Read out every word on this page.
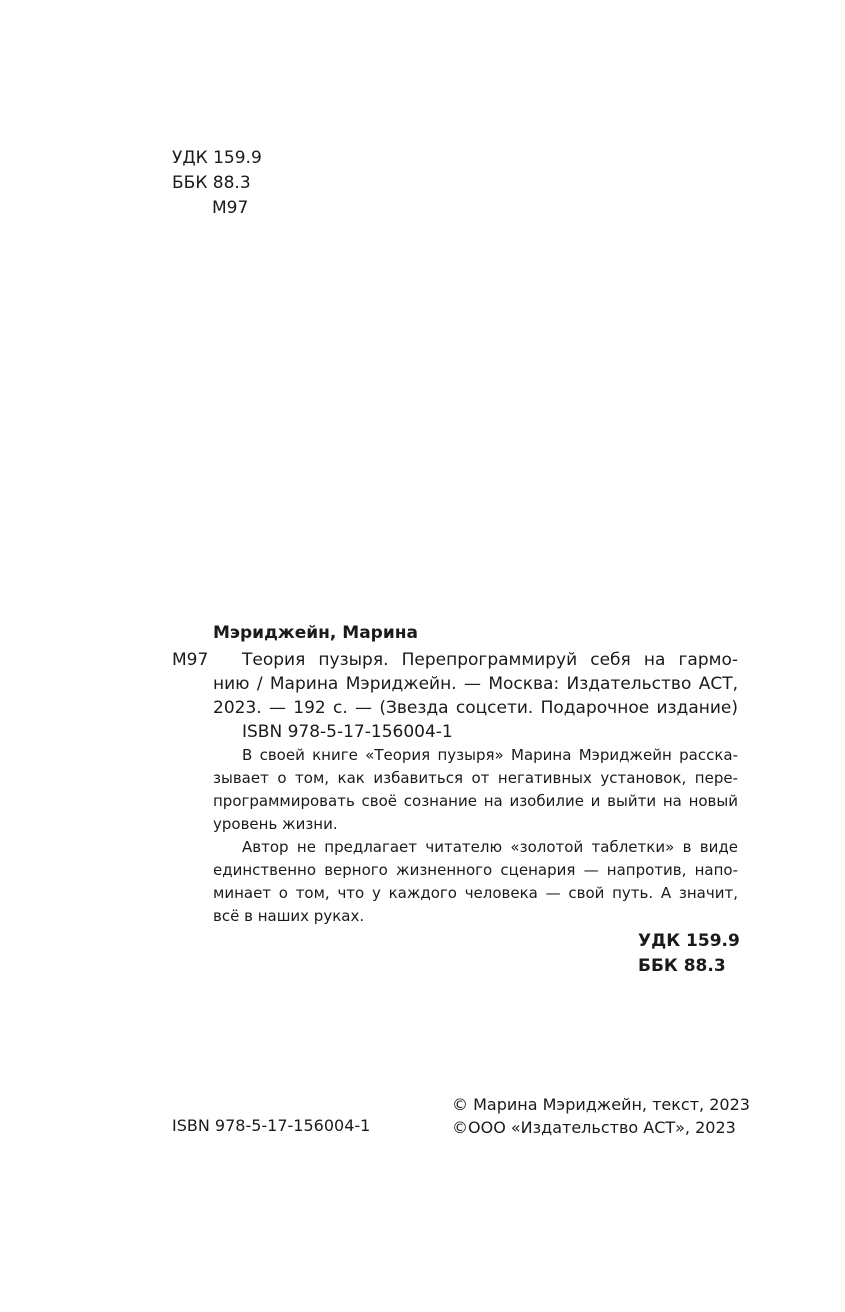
УДК 159.9
ББК 88.3
М97
Мэриджейн, Марина
М97	Теория пузыря. Перепрограммируй себя на гармо-
нию / Марина Мэриджейн. — Москва: Издательство АСТ,
2023. — 192 с. — (Звезда соцсети. Подарочное издание)
ISBN 978-5-17-156004-1
В своей книге «Теория пузыря» Марина Мэриджейн расска-
зывает о том, как избавиться от негативных установок, пере-
программировать своё сознание на изобилие и выйти на новый
уровень жизни.
Автор не предлагает читателю «золотой таблетки» в виде
единственно верного жизненного сценария — напротив, напо-
минает о том, что у каждого человека — свой путь. А значит,
всё в наших руках.
УДК 159.9
ББК 88.3
ISBN 978-5-17-156004-1
© Марина Мэриджейн, текст, 2023
©ООО «Издательство АСТ», 2023
